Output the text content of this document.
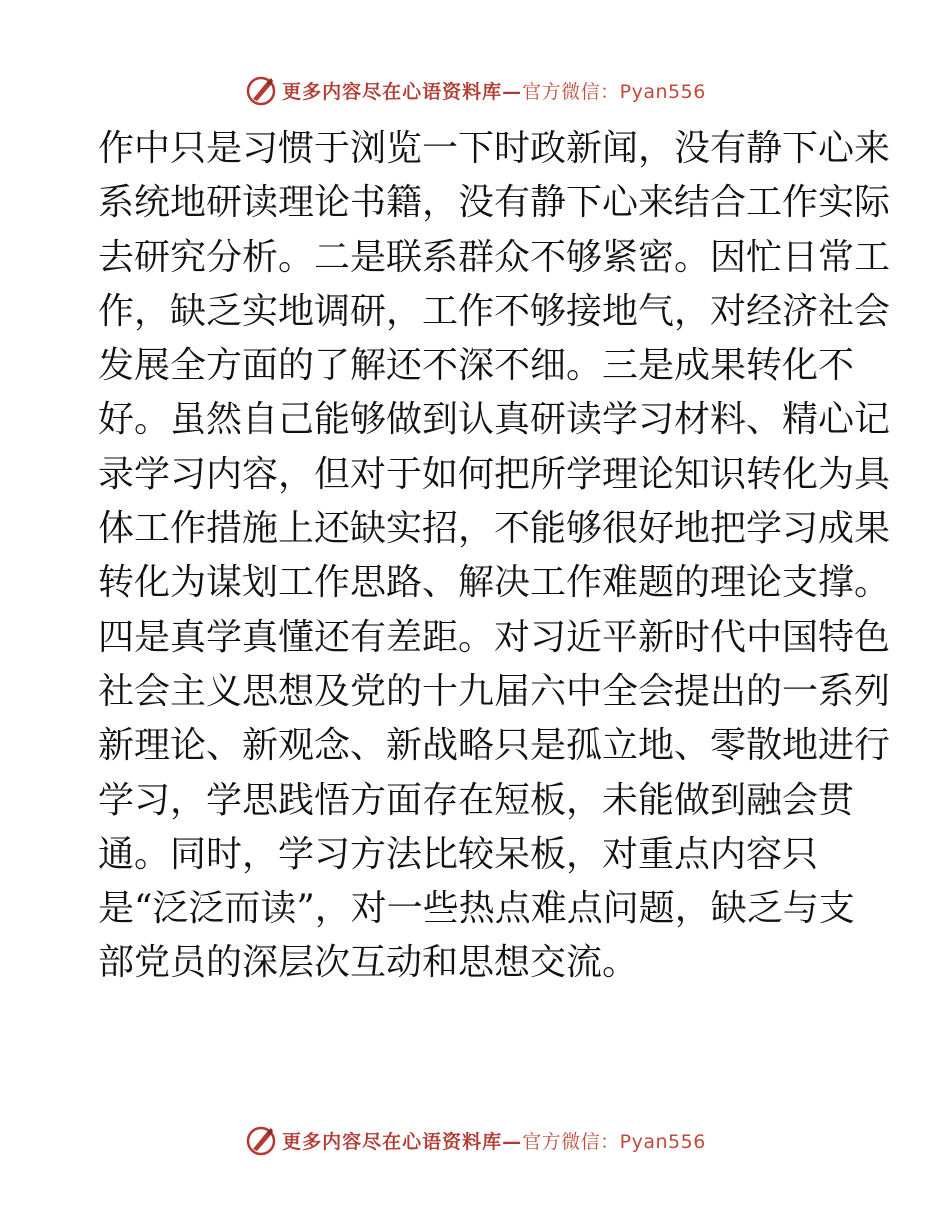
更多内容尽在心语资料库— 官方微信：Pyan556
作中只是习惯于浏览一下时政新闻，没有静下心来
系统地研读理论书籍，没有静下心来结合工作实际
去研究分析。二是联系群众不够紧密。因忙日常工
作，缺乏实地调研，工作不够接地气，对经济社会
发展全方面的了解还不深不细。三是成果转化不
好。虽然自己能够做到认真研读学习材料、精心记
录学习内容，但对于如何把所学理论知识转化为具
体工作措施上还缺实招，不能够很好地把学习成果
转化为谋划工作思路、解决工作难题的理论支撑。
四是真学真懂还有差距。对习近平新时代中国特色
社会主义思想及党的十九届六中全会提出的一系列
新理论、新观念、新战略只是孤立地、零散地进行
学习，学思践悟方面存在短板，未能做到融会贯
通。同时，学习方法比较呆板，对重点内容只
是“泛泛而读”，对一些热点难点问题，缺乏与支
部党员的深层次互动和思想交流。
更多内容尽在心语资料库— 官方微信：Pyan556
